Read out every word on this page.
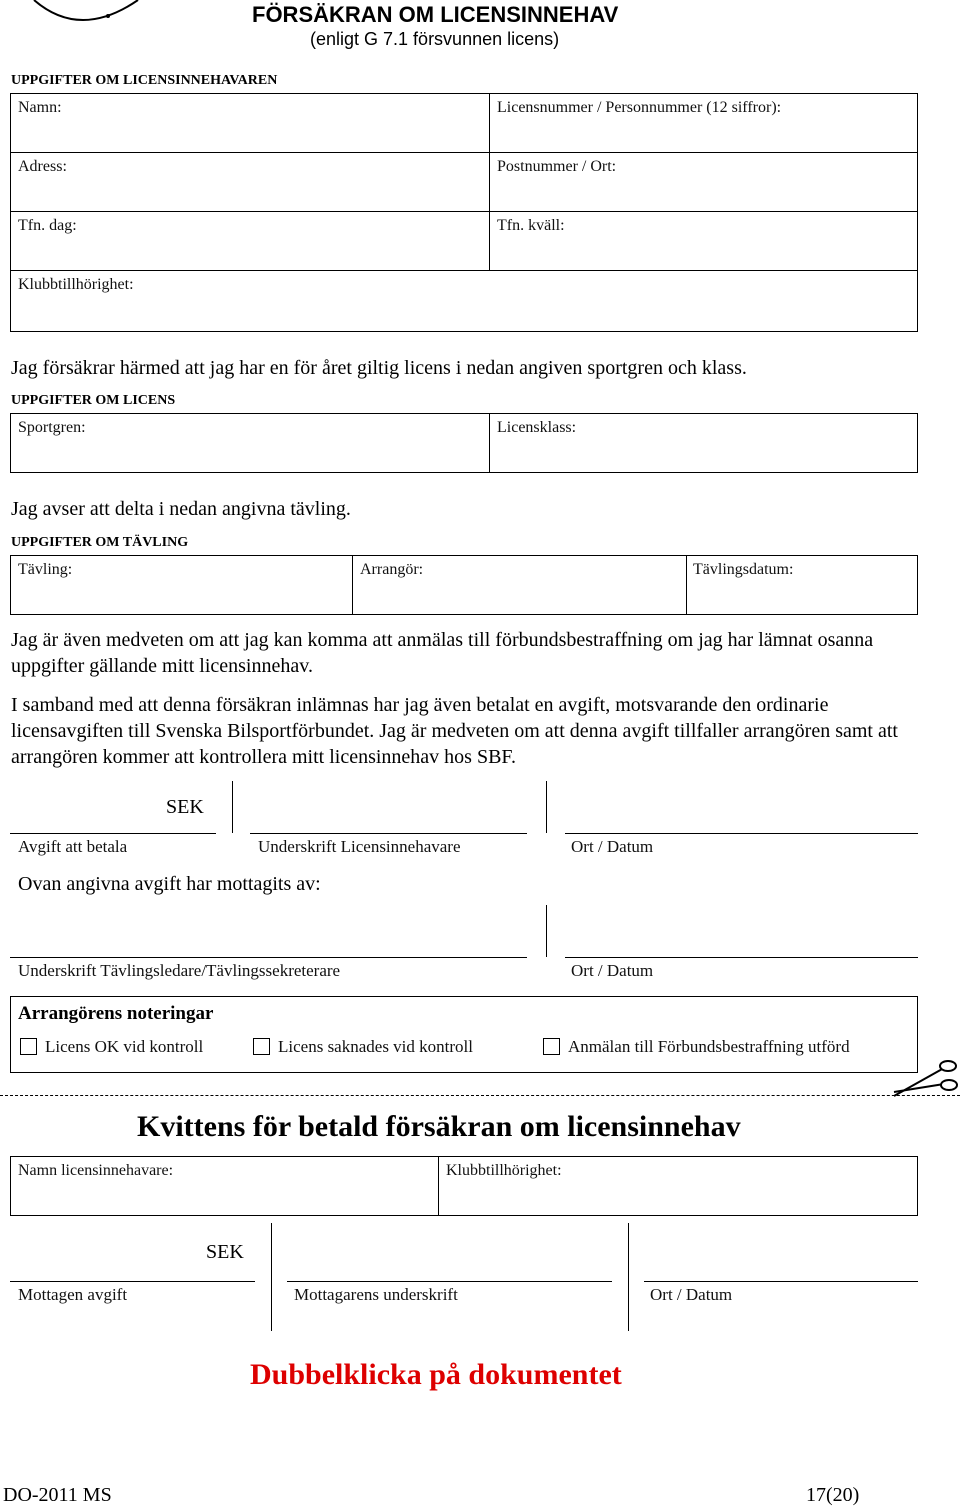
FÖRSÄKRAN OM LICENSINNEHAV
(enligt G 7.1 försvunnen licens)
UPPGIFTER OM LICENSINNEHAVAREN
Namn:	Licensnummer / Personnummer (12 siffror):
Adress:	Postnummer / Ort:
Tfn. dag:	Tfn. kväll:
Klubbtillhörighet:
Jag försäkrar härmed att jag har en för året giltig licens i nedan angiven sportgren och klass.
UPPGIFTER OM LICENS
Sportgren:	Licensklass:
Jag avser att delta i nedan angivna tävling.
UPPGIFTER OM TÄVLING
Tävling:	Arrangör:	Tävlingsdatum:
Jag är även medveten om att jag kan komma att anmälas till förbundsbestraffning om jag har lämnat osanna uppgifter gällande mitt licensinnehav.
I samband med att denna försäkran inlämnas har jag även betalat en avgift, motsvarande den ordinarie licensavgiften till Svenska Bilsportförbundet. Jag är medveten om att denna avgift tillfaller arrangören samt att arrangören kommer att kontrollera mitt licensinnehav hos SBF.
SEK
Avgift att betala	Underskrift Licensinnehavare	Ort / Datum
Ovan angivna avgift har mottagits av:
Underskrift Tävlingsledare/Tävlingssekreterare	Ort / Datum
Arrangörens noteringar
Licens OK vid kontroll	Licens saknades vid kontroll	Anmälan till Förbundsbestraffning utförd
Kvittens för betald försäkran om licensinnehav
Namn licensinnehavare:	Klubbtillhörighet:
SEK
Mottagen avgift	Mottagarens underskrift	Ort / Datum
Dubbelklicka på dokumentet
DO-2011 MS	17(20)
